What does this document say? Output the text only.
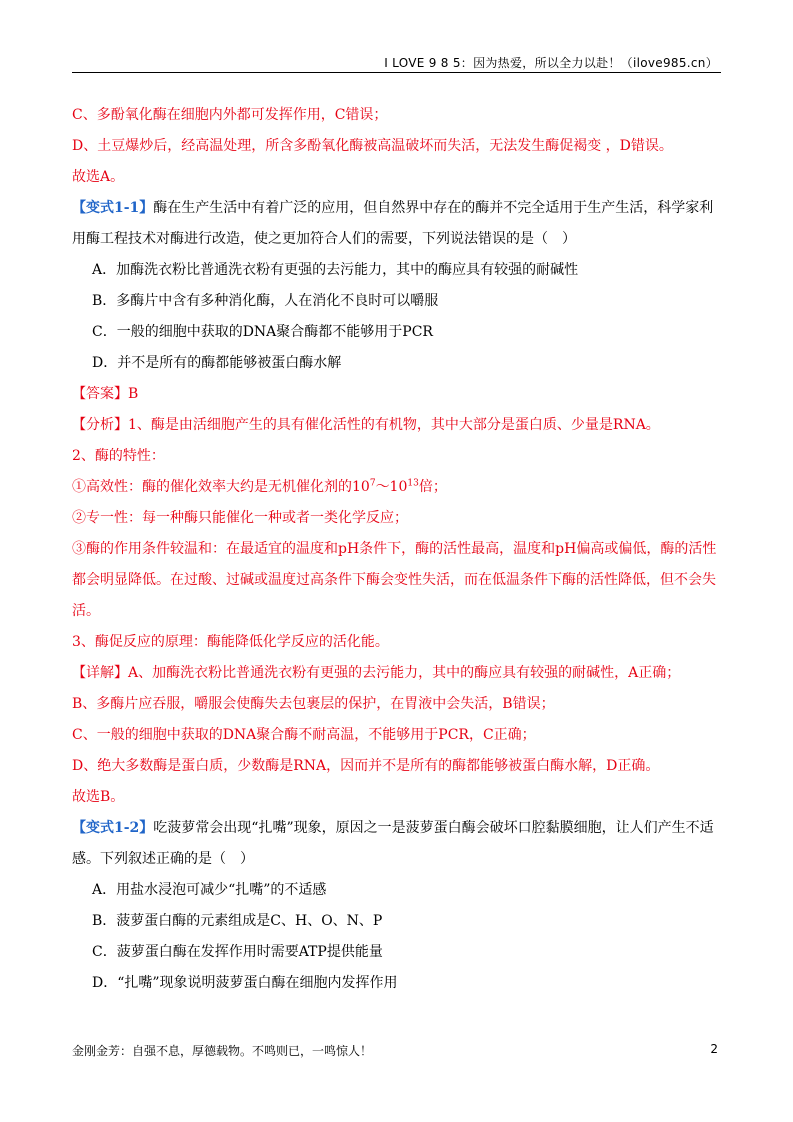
I LOVE 9 8 5：因为热爱，所以全力以赴！（ilove985.cn）
C、多酚氧化酶在细胞内外都可发挥作用，C错误；
D、土豆爆炒后，经高温处理，所含多酚氧化酶被高温破坏而失活，无法发生酶促褐变 ，D错误。
故选A。
【变式1-1】酶在生产生活中有着广泛的应用，但自然界中存在的酶并不完全适用于生产生活，科学家利用酶工程技术对酶进行改造，使之更加符合人们的需要，下列说法错误的是（　）
A．加酶洗衣粉比普通洗衣粉有更强的去污能力，其中的酶应具有较强的耐碱性
B．多酶片中含有多种消化酶，人在消化不良时可以嚼服
C．一般的细胞中获取的DNA聚合酶都不能够用于PCR
D．并不是所有的酶都能够被蛋白酶水解
【答案】B
【分析】1、酶是由活细胞产生的具有催化活性的有机物，其中大部分是蛋白质、少量是RNA。
2、酶的特性：
①高效性：酶的催化效率大约是无机催化剂的$10^7\sim 10^{13}$倍；
②专一性：每一种酶只能催化一种或者一类化学反应；
③酶的作用条件较温和：在最适宜的温度和pH条件下，酶的活性最高，温度和pH偏高或偏低，酶的活性都会明显降低。在过酸、过碱或温度过高条件下酶会变性失活，而在低温条件下酶的活性降低，但不会失活。
3、酶促反应的原理：酶能降低化学反应的活化能。
【详解】A、加酶洗衣粉比普通洗衣粉有更强的去污能力，其中的酶应具有较强的耐碱性，A正确；
B、多酶片应吞服，嚼服会使酶失去包裹层的保护，在胃液中会失活，B错误；
C、一般的细胞中获取的DNA聚合酶不耐高温，不能够用于PCR，C正确；
D、绝大多数酶是蛋白质，少数酶是RNA，因而并不是所有的酶都能够被蛋白酶水解，D正确。
故选B。
【变式1-2】吃菠萝常会出现“扎嘴”现象，原因之一是菠萝蛋白酶会破坏口腔黏膜细胞，让人们产生不适感。下列叙述正确的是（　）
A．用盐水浸泡可减少“扎嘴”的不适感
B．菠萝蛋白酶的元素组成是C、H、O、N、P
C．菠萝蛋白酶在发挥作用时需要ATP提供能量
D．“扎嘴”现象说明菠萝蛋白酶在细胞内发挥作用
金刚金芳：自强不息，厚德载物。不鸣则已，一鸣惊人！	2
